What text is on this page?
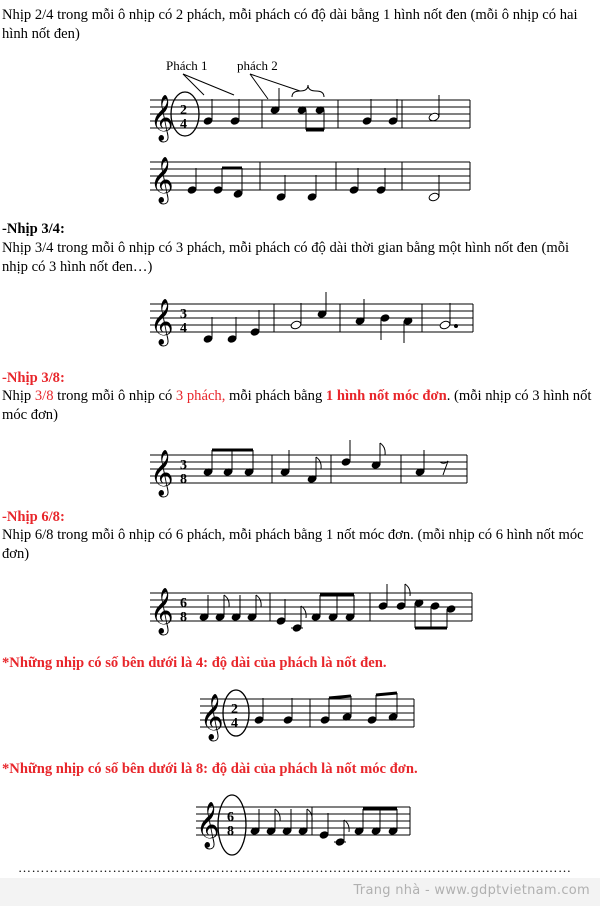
Nhịp 2/4 trong mỗi ô nhịp có 2 phách, mỗi phách có độ dài bằng 1 hình nốt đen (mỗi ô nhịp có hai hình nốt đen)
Phách 1 phách 2
𝄞 2
4
𝄞
-Nhịp 3/4:
Nhịp 3/4 trong mỗi ô nhịp có 3 phách, mỗi phách có độ dài thời gian bằng một hình nốt đen (mỗi nhịp có 3 hình nốt đen…)
𝄞 3
4
-Nhịp 3/8:
Nhịp 3/8 trong mỗi ô nhịp có 3 phách, mỗi phách bằng 1 hình nốt móc đơn. (mỗi nhịp có 3 hình nốt móc đơn)
𝄞 3
8
-Nhịp 6/8:
Nhịp 6/8 trong mỗi ô nhịp có 6 phách, mỗi phách bằng 1 nốt móc đơn. (mỗi nhịp có 6 hình nốt móc đơn)
𝄞 6
8
*Những nhịp có số bên dưới là 4: độ dài của phách là nốt đen.
𝄞 2
4
*Những nhịp có số bên dưới là 8: độ dài của phách là nốt móc đơn.
𝄞 6
8
……………………………………………………………………………………………………………
Trang nhà - www.gdptvietnam.com
